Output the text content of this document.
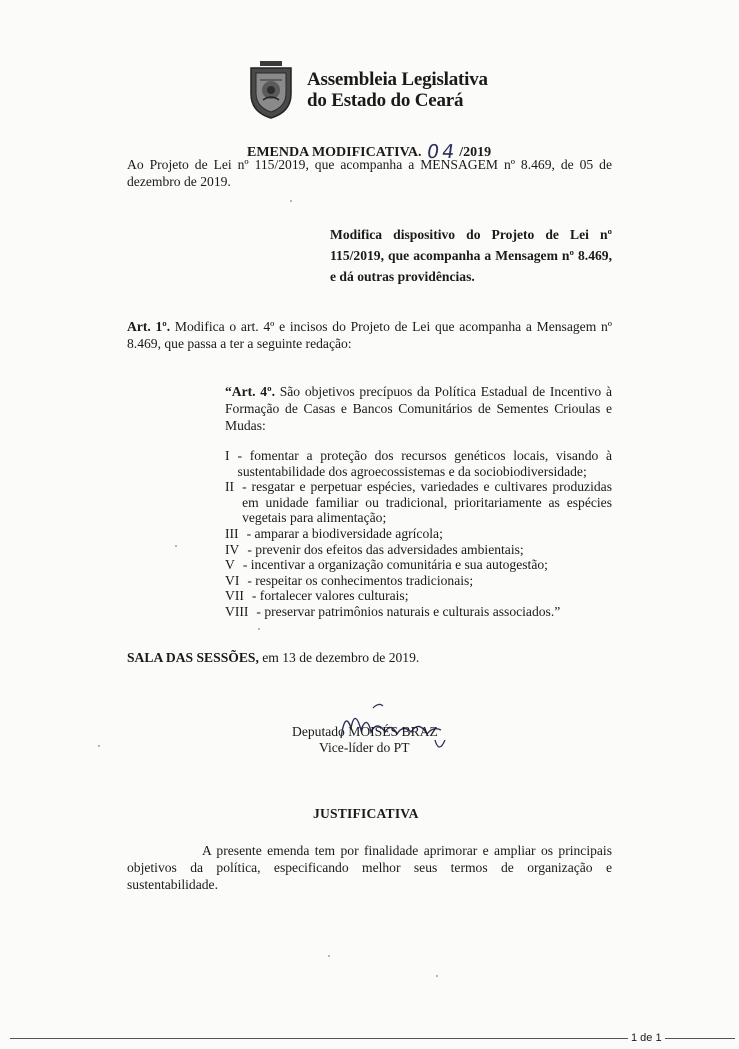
Assembleia Legislativa
do Estado do Ceará
EMENDA MODIFICATIVA. 04/2019
Ao Projeto de Lei nº 115/2019, que acompanha a MENSAGEM nº 8.469, de 05 de dezembro de 2019.
Modifica dispositivo do Projeto de Lei nº 115/2019, que acompanha a Mensagem nº 8.469, e dá outras providências.
Art. 1º. Modifica o art. 4º e incisos do Projeto de Lei que acompanha a Mensagem nº 8.469, que passa a ter a seguinte redação:
“Art. 4º. São objetivos precípuos da Política Estadual de Incentivo à Formação de Casas e Bancos Comunitários de Sementes Crioulas e Mudas:
I - fomentar a proteção dos recursos genéticos locais, visando à sustentabilidade dos agroecossistemas e da sociobiodiversidade;
II - resgatar e perpetuar espécies, variedades e cultivares produzidas em unidade familiar ou tradicional, prioritariamente as espécies vegetais para alimentação;
III - amparar a biodiversidade agrícola;
IV - prevenir dos efeitos das adversidades ambientais;
V - incentivar a organização comunitária e sua autogestão;
VI - respeitar os conhecimentos tradicionais;
VII - fortalecer valores culturais;
VIII - preservar patrimônios naturais e culturais associados.”
SALA DAS SESSÕES, em 13 de dezembro de 2019.
Deputado MOISÉS BRAZ
Vice-líder do PT
JUSTIFICATIVA
A presente emenda tem por finalidade aprimorar e ampliar os principais objetivos da política, especificando melhor seus termos de organização e sustentabilidade.
1 de 1
